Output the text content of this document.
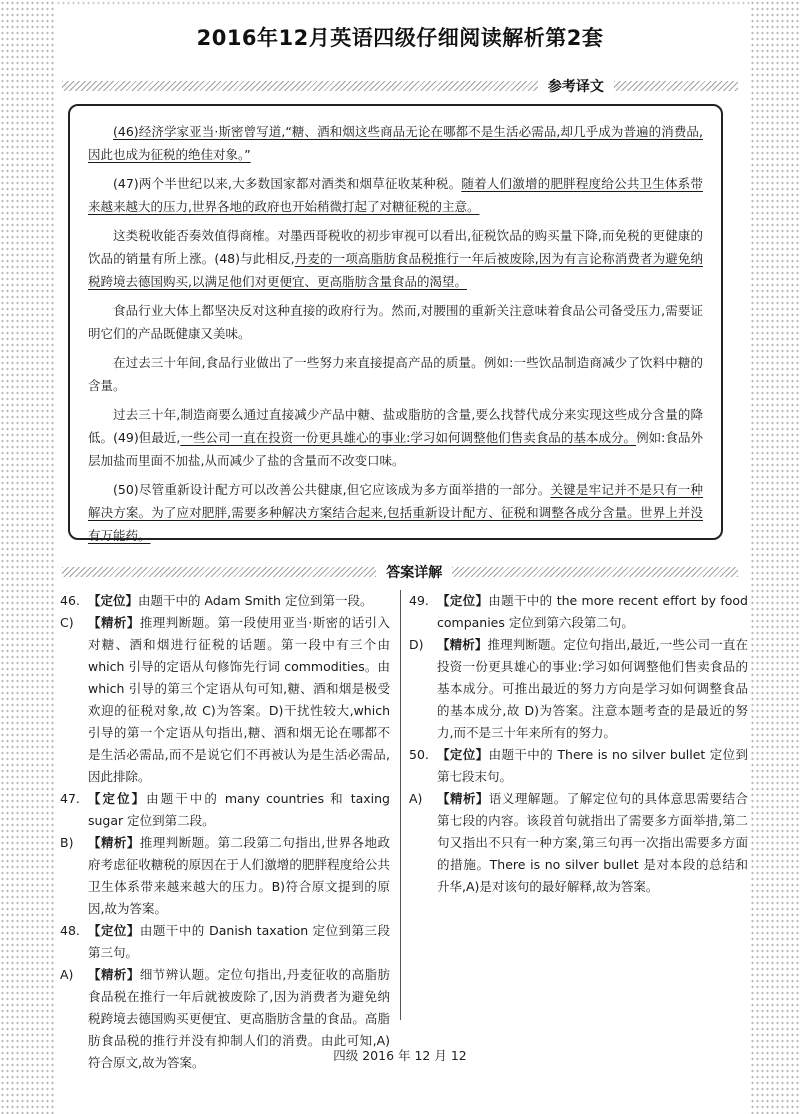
2016年12月英语四级仔细阅读解析第2套
参考译文

(46)经济学家亚当·斯密曾写道,“糖、酒和烟这些商品无论在哪都不是生活必需品,却几乎成为普遍的消费品,因此也成为征税的绝佳对象。”

(47)两个半世纪以来,大多数国家都对酒类和烟草征收某种税。随着人们激增的肥胖程度给公共卫生体系带来越来越大的压力,世界各地的政府也开始稍微打起了对糖征税的主意。

这类税收能否奏效值得商榷。对墨西哥税收的初步审视可以看出,征税饮品的购买量下降,而免税的更健康的饮品的销量有所上涨。(48)与此相反,丹麦的一项高脂肪食品税推行一年后被废除,因为有言论称消费者为避免纳税跨境去德国购买,以满足他们对更便宜、更高脂肪含量食品的渴望。

食品行业大体上都坚决反对这种直接的政府行为。然而,对腰围的重新关注意味着食品公司备受压力,需要证明它们的产品既健康又美味。

在过去三十年间,食品行业做出了一些努力来直接提高产品的质量。例如:一些饮品制造商减少了饮料中糖的含量。

过去三十年,制造商要么通过直接减少产品中糖、盐或脂肪的含量,要么找替代成分来实现这些成分含量的降低。(49)但最近,一些公司一直在投资一份更具雄心的事业:学习如何调整他们售卖食品的基本成分。例如:食品外层加盐而里面不加盐,从而减少了盐的含量而不改变口味。

(50)尽管重新设计配方可以改善公共健康,但它应该成为多方面举措的一部分。关键是牢记并不是只有一种解决方案。为了应对肥胖,需要多种解决方案结合起来,包括重新设计配方、征税和调整各成分含量。世界上并没有万能药。

答案详解
46. 【定位】由题干中的 Adam Smith 定位到第一段。
C)	【精析】推理判断题。第一段使用亚当·斯密的话引入对糖、酒和烟进行征税的话题。第一段中有三个由 which 引导的定语从句修饰先行词 commodities。由 which 引导的第三个定语从句可知,糖、酒和烟是极受欢迎的征税对象,故 C)为答案。D)干扰性较大,which 引导的第一个定语从句指出,糖、酒和烟无论在哪都不是生活必需品,而不是说它们不再被认为是生活必需品,因此排除。
47. 【定位】由题干中的 many countries 和 taxing sugar 定位到第二段。
B)	【精析】推理判断题。第二段第二句指出,世界各地政府考虑征收糖税的原因在于人们激增的肥胖程度给公共卫生体系带来越来越大的压力。B)符合原文提到的原因,故为答案。
48. 【定位】由题干中的 Danish taxation 定位到第三段第三句。
A)	【精析】细节辨认题。定位句指出,丹麦征收的高脂肪食品税在推行一年后就被废除了,因为消费者为避免纳税跨境去德国购买更便宜、更高脂肪含量的食品。高脂肪食品税的推行并没有抑制人们的消费。由此可知,A)符合原文,故为答案。
49. 【定位】由题干中的 the more recent effort by food companies 定位到第六段第二句。
D)	【精析】推理判断题。定位句指出,最近,一些公司一直在投资一份更具雄心的事业:学习如何调整他们售卖食品的基本成分。可推出最近的努力方向是学习如何调整食品的基本成分,故 D)为答案。注意本题考查的是最近的努力,而不是三十年来所有的努力。
50. 【定位】由题干中的 There is no silver bullet 定位到第七段末句。
A)	【精析】语义理解题。了解定位句的具体意思需要结合第七段的内容。该段首句就指出了需要多方面举措,第二句又指出不只有一种方案,第三句再一次指出需要多方面的措施。There is no silver bullet 是对本段的总结和升华,A)是对该句的最好解释,故为答案。
四级 2016 年 12 月 12
